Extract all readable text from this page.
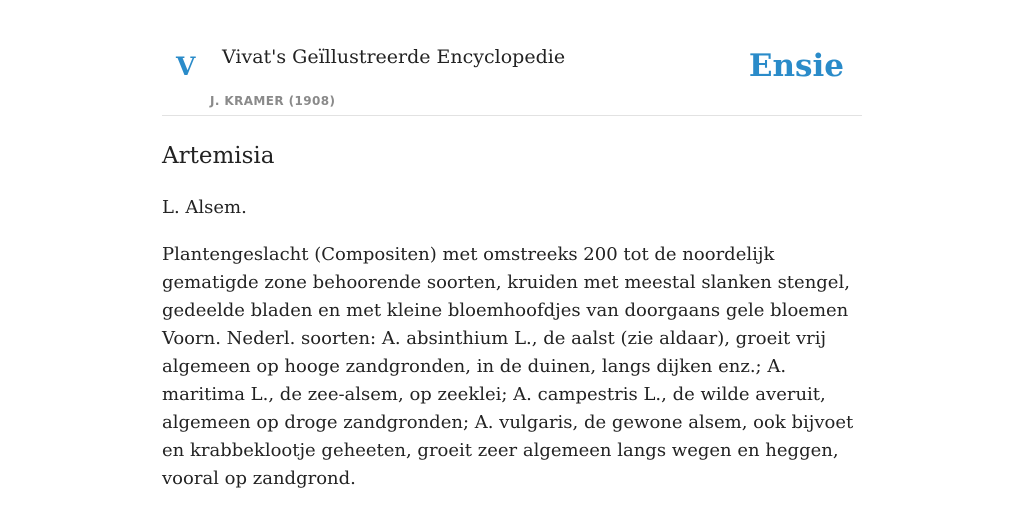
V Vivat's Geïllustreerde Encyclopedie
J. KRAMER (1908)
Ensie
Artemisia

L. Alsem.

Plantengeslacht (Compositen) met omstreeks 200 tot de noordelijk gematigde zone behoorende soorten, kruiden met meestal slanken stengel, gedeelde bladen en met kleine bloemhoofdjes van doorgaans gele bloemen Voorn. Nederl. soorten: A. absinthium L., de aalst (zie aldaar), groeit vrij algemeen op hooge zandgronden, in de duinen, langs dijken enz.; A. maritima L., de zee-alsem, op zeeklei; A. campestris L., de wilde averuit, algemeen op droge zandgronden; A. vulgaris, de gewone alsem, ook bijvoet en krabbeklootje geheeten, groeit zeer algemeen langs wegen en heggen, vooral op zandgrond.
